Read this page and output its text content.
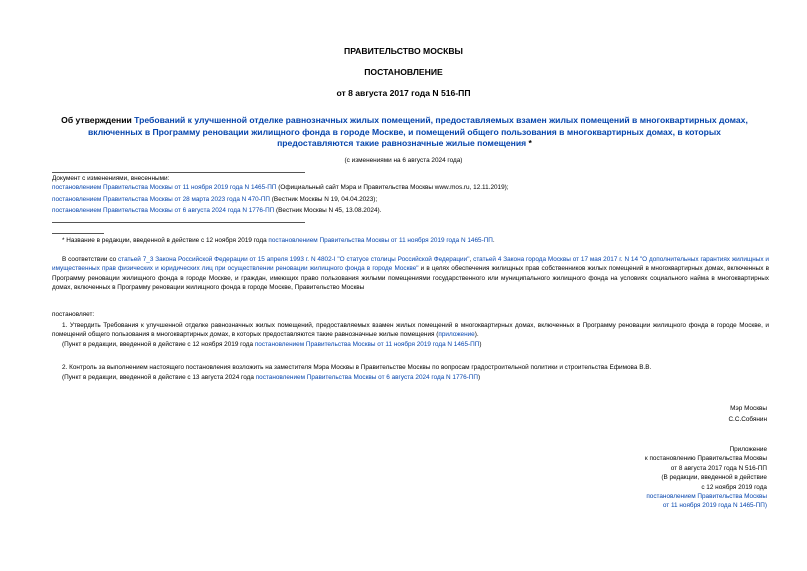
ПРАВИТЕЛЬСТВО МОСКВЫ
ПОСТАНОВЛЕНИЕ
от 8 августа 2017 года N 516-ПП
Об утверждении Требований к улучшенной отделке равнозначных жилых помещений, предоставляемых взамен жилых помещений в многоквартирных домах, включенных в Программу реновации жилищного фонда в городе Москве, и помещений общего пользования в многоквартирных домах, в которых предоставляются такие равнозначные жилые помещения *
(с изменениями на 6 августа 2024 года)
Документ с изменениями, внесенными:
постановлением Правительства Москвы от 11 ноября 2019 года N 1465-ПП (Официальный сайт Мэра и Правительства Москвы www.mos.ru, 12.11.2019);
постановлением Правительства Москвы от 28 марта 2023 года N 470-ПП (Вестник Москвы N 19, 04.04.2023);
постановлением Правительства Москвы от 6 августа 2024 года N 1776-ПП (Вестник Москвы N 45, 13.08.2024).
* Название в редакции, введенной в действие с 12 ноября 2019 года постановлением Правительства Москвы от 11 ноября 2019 года N 1465-ПП.
В соответствии со статьей 7_3 Закона Российской Федерации от 15 апреля 1993 г. N 4802-I "О статусе столицы Российской Федерации", статьей 4 Закона города Москвы от 17 мая 2017 г. N 14 "О дополнительных гарантиях жилищных и имущественных прав физических и юридических лиц при осуществлении реновации жилищного фонда в городе Москве" и в целях обеспечения жилищных прав собственников жилых помещений в многоквартирных домах, включенных в Программу реновации жилищного фонда в городе Москве, и граждан, имеющих право пользования жилыми помещениями государственного или муниципального жилищного фонда на условиях социального найма в многоквартирных домах, включенных в Программу реновации жилищного фонда в городе Москве, Правительство Москвы
постановляет:
1. Утвердить Требования к улучшенной отделке равнозначных жилых помещений, предоставляемых взамен жилых помещений в многоквартирных домах, включенных в Программу реновации жилищного фонда в городе Москве, и помещений общего пользования в многоквартирных домах, в которых предоставляются такие равнозначные жилые помещения (приложение).
(Пункт в редакции, введенной в действие с 12 ноября 2019 года постановлением Правительства Москвы от 11 ноября 2019 года N 1465-ПП)
2. Контроль за выполнением настоящего постановления возложить на заместителя Мэра Москвы в Правительстве Москвы по вопросам градостроительной политики и строительства Ефимова В.В.
(Пункт в редакции, введенной в действие с 13 августа 2024 года постановлением Правительства Москвы от 6 августа 2024 года N 1776-ПП)
Мэр Москвы
С.С.Собянин
Приложение
к постановлению Правительства Москвы
от 8 августа 2017 года N 516-ПП
(В редакции, введенной в действие
с 12 ноября 2019 года
постановлением Правительства Москвы
от 11 ноября 2019 года N 1465-ПП)
